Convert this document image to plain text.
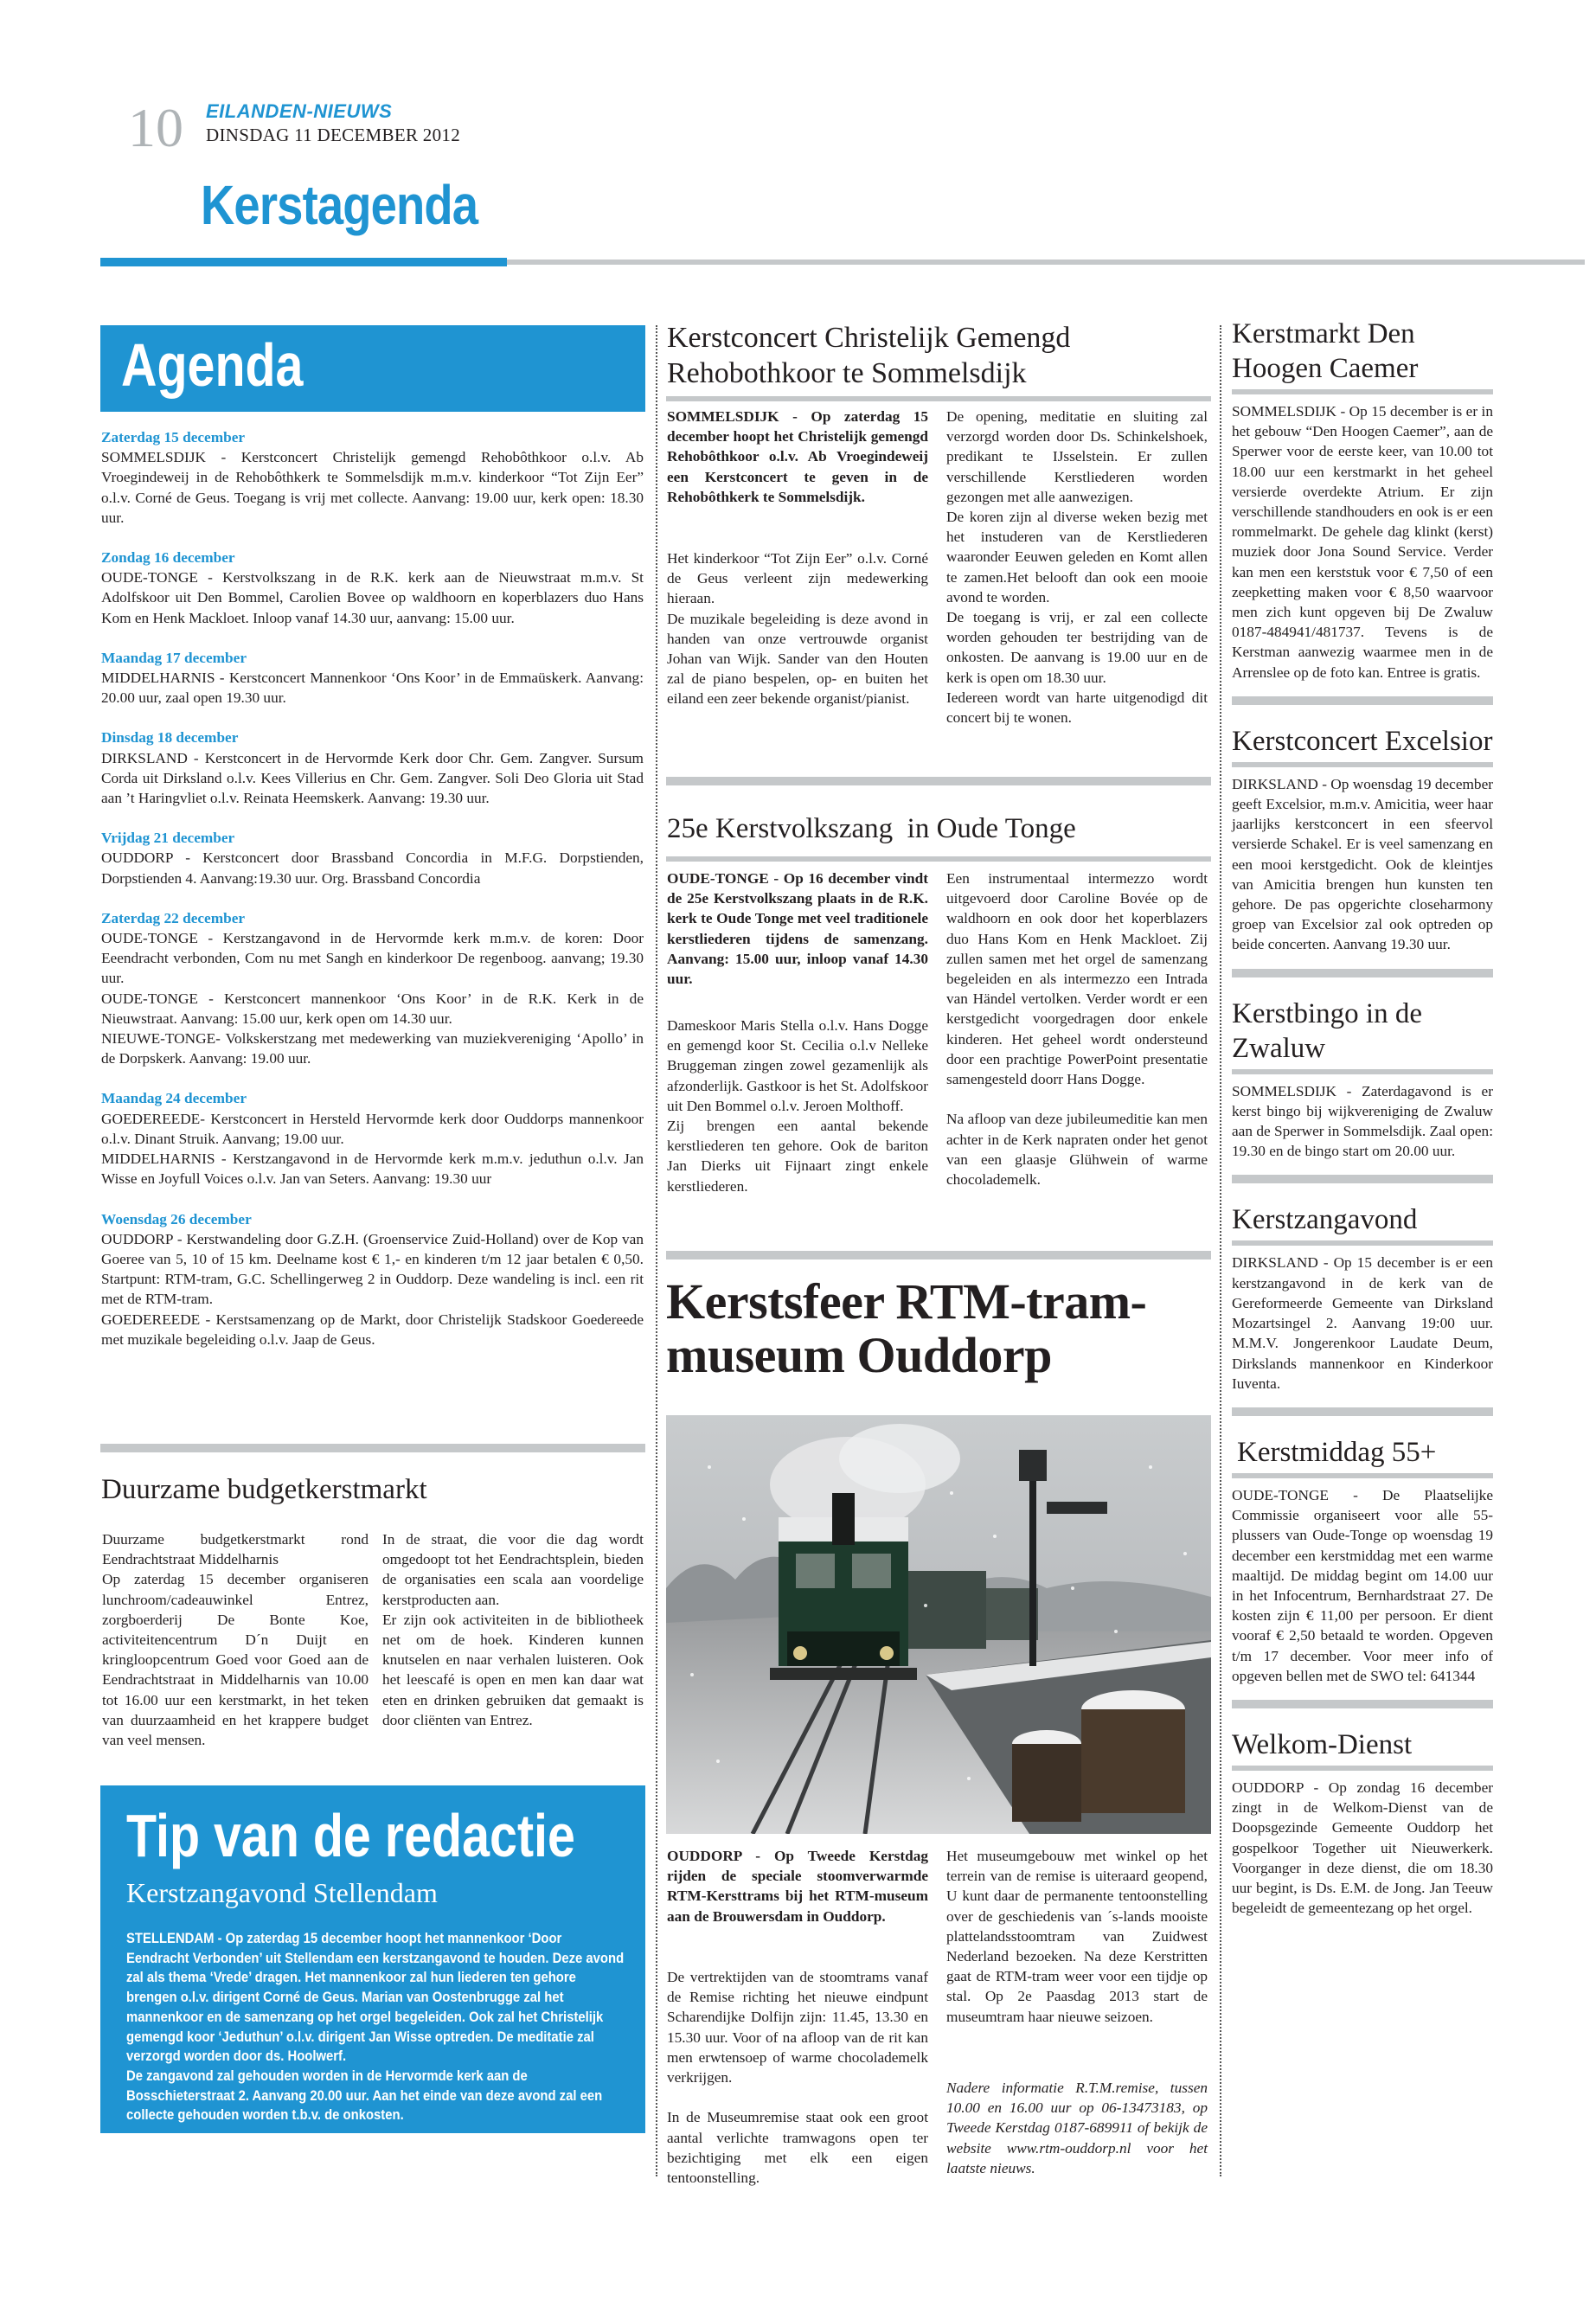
10 EILANDEN-NIEUWS
DINSDAG 11 DECEMBER 2012
Kerstagenda
Agenda
Zaterdag 15 december
SOMMELSDIJK - Kerstconcert Christelijk gemengd Rehobôthkoor o.l.v. Ab Vroegindeweij in de Rehobôthkerk te Sommelsdijk m.m.v. kinderkoor “Tot Zijn Eer” o.l.v. Corné de Geus. Toegang is vrij met collecte. Aanvang: 19.00 uur, kerk open: 18.30 uur.
Zondag 16 december
OUDE-TONGE - Kerstvolkszang in de R.K. kerk aan de Nieuwstraat m.m.v. St Adolfskoor uit Den Bommel, Carolien Bovee op waldhoorn en koperblazers duo Hans Kom en Henk Mackloet. Inloop vanaf 14.30 uur, aanvang: 15.00 uur.
Maandag 17 december
MIDDELHARNIS - Kerstconcert Mannenkoor ‘Ons Koor’ in de Emmaüskerk. Aanvang: 20.00 uur, zaal open 19.30 uur.
Dinsdag 18 december
DIRKSLAND - Kerstconcert in de Hervormde Kerk door Chr. Gem. Zangver. Sursum Corda uit Dirksland o.l.v. Kees Villerius en Chr. Gem. Zangver. Soli Deo Gloria uit Stad aan ’t Haringvliet o.l.v. Reinata Heemskerk. Aanvang: 19.30 uur.
Vrijdag 21 december
OUDDORP - Kerstconcert door Brassband Concordia in M.F.G. Dorpstienden, Dorpstienden 4. Aanvang:19.30 uur. Org. Brassband Concordia
Zaterdag 22 december
OUDE-TONGE - Kerstzangavond in de Hervormde kerk m.m.v. de koren: Door Eeendracht verbonden, Com nu met Sangh en kinderkoor De regenboog. aanvang; 19.30 uur.
OUDE-TONGE - Kerstconcert mannenkoor ‘Ons Koor’ in de R.K. Kerk in de Nieuwstraat. Aanvang: 15.00 uur, kerk open om 14.30 uur.
NIEUWE-TONGE- Volkskerstzang met medewerking van muziekvereniging ‘Apollo’ in de Dorpskerk. Aanvang: 19.00 uur.
Maandag 24 december
GOEDEREEDE- Kerstconcert in Hersteld Hervormde kerk door Ouddorps mannenkoor o.l.v. Dinant Struik. Aanvang; 19.00 uur.
MIDDELHARNIS - Kerstzangavond in de Hervormde kerk m.m.v. jeduthun o.l.v. Jan Wisse en Joyfull Voices o.l.v. Jan van Seters. Aanvang: 19.30 uur
Woensdag 26 december
OUDDORP - Kerstwandeling door G.Z.H. (Groenservice Zuid-Holland) over de Kop van Goeree van 5, 10 of 15 km. Deelname kost € 1,- en kinderen t/m 12 jaar betalen € 0,50. Startpunt: RTM-tram, G.C. Schellingerweg 2 in Ouddorp. Deze wandeling is incl. een rit met de RTM-tram.
GOEDEREEDE - Kerstsamenzang op de Markt, door Christelijk Stadskoor Goedereede met muzikale begeleiding o.l.v. Jaap de Geus.
Duurzame budgetkerstmarkt
Duurzame budgetkerstmarkt rond Eendrachtstraat Middelharnis
Op zaterdag 15 december organiseren lunchroom/cadeauwinkel Entrez, zorgboerderij De Bonte Koe, activiteitencentrum D´n Duijt en kringloopcentrum Goed voor Goed aan de Eendrachtstraat in Middelharnis van 10.00 tot 16.00 uur een kerstmarkt, in het teken van duurzaamheid en het krappere budget van veel mensen.
In de straat, die voor die dag wordt omgedoopt tot het Eendrachtsplein, bieden de organisaties een scala aan voordelige kerstproducten aan.
Er zijn ook activiteiten in de bibliotheek net om de hoek. Kinderen kunnen knutselen en naar verhalen luisteren. Ook het leescafé is open en men kan daar wat eten en drinken gebruiken dat gemaakt is door cliënten van Entrez.
Tip van de redactie
Kerstzangavond Stellendam
STELLENDAM - Op zaterdag 15 december hoopt het mannenkoor ‘Door Eendracht Verbonden’ uit Stellendam een kerstzangavond te houden. Deze avond zal als thema ‘Vrede’ dragen. Het mannenkoor zal hun liederen ten gehore brengen o.l.v. dirigent Corné de Geus. Marian van Oostenbrugge zal het mannenkoor en de samenzang op het orgel begeleiden. Ook zal het Christelijk gemengd koor ‘Jeduthun’ o.l.v. dirigent Jan Wisse optreden. De meditatie zal verzorgd worden door ds. Hoolwerf.
De zangavond zal gehouden worden in de Hervormde kerk aan de Bosschieterstraat 2. Aanvang 20.00 uur. Aan het einde van deze avond zal een collecte gehouden worden t.b.v. de onkosten.
Kerstconcert Christelijk Gemengd Rehobothkoor te Sommelsdijk
SOMMELSDIJK - Op zaterdag 15 december hoopt het Christelijk gemengd Rehobôthkoor o.l.v. Ab Vroegindeweij een Kerstconcert te geven in de Rehobôthkerk te Sommelsdijk.
Het kinderkoor “Tot Zijn Eer” o.l.v. Corné de Geus verleent zijn medewerking hieraan.
De muzikale begeleiding is deze avond in handen van onze vertrouwde organist Johan van Wijk. Sander van den Houten zal de piano bespelen, op- en buiten het eiland een zeer bekende organist/pianist.
De opening, meditatie en sluiting zal verzorgd worden door Ds. Schinkelshoek, predikant te IJsselstein. Er zullen verschillende Kerstliederen worden gezongen met alle aanwezigen.
De koren zijn al diverse weken bezig met het instuderen van de Kerstliederen waaronder Eeuwen geleden en Komt allen te zamen.Het belooft dan ook een mooie avond te worden.
De toegang is vrij, er zal een collecte worden gehouden ter bestrijding van de onkosten. De aanvang is 19.00 uur en de kerk is open om 18.30 uur.
Iedereen wordt van harte uitgenodigd dit concert bij te wonen.
25e Kerstvolkszang  in Oude Tonge
OUDE-TONGE - Op 16 december vindt de 25e Kerstvolkszang plaats in de R.K. kerk te Oude Tonge met veel traditionele kerstliederen tijdens de samenzang. Aanvang: 15.00 uur, inloop vanaf 14.30 uur.
Dameskoor Maris Stella o.l.v. Hans Dogge en gemengd koor St. Cecilia o.l.v Nelleke Bruggeman zingen zowel gezamenlijk als afzonderlijk. Gastkoor is het St. Adolfskoor uit Den Bommel o.l.v. Jeroen Molthoff.
Zij brengen een aantal bekende kerstliederen ten gehore. Ook de bariton Jan Dierks uit Fijnaart zingt enkele kerstliederen.
Een instrumentaal intermezzo wordt uitgevoerd door Caroline Bovée op de waldhoorn en ook door het koperblazers duo Hans Kom en Henk Mackloet. Zij zullen samen met het orgel de samenzang begeleiden en als intermezzo een Intrada van Händel vertolken. Verder wordt er een kerstgedicht voorgedragen door enkele kinderen. Het geheel wordt ondersteund door een prachtige PowerPoint presentatie samengesteld doorr Hans Dogge.

Na afloop van deze jubileumeditie kan men achter in de Kerk napraten onder het genot van een glaasje Glühwein of warme chocolademelk.
Kerstsfeer RTM-tram-
museum Ouddorp
OUDDORP - Op Tweede Kerstdag rijden de speciale stoomverwarmde RTM-Kersttrams bij het RTM-museum aan de Brouwersdam in Ouddorp.
De vertrektijden van de stoomtrams vanaf de Remise richting het nieuwe eindpunt Scharendijke Dolfijn zijn: 11.45, 13.30 en 15.30 uur. Voor of na afloop van de rit kan men erwtensoep of warme chocolademelk verkrijgen.

In de Museumremise staat ook een groot aantal verlichte tramwagons open ter bezichtiging met elk een eigen tentoonstelling.
Het museumgebouw met winkel op het terrein van de remise is uiteraard geopend, U kunt daar de permanente tentoonstelling over de geschiedenis van ´s-lands mooiste plattelandsstoomtram van Zuidwest Nederland bezoeken. Na deze Kerstritten gaat de RTM-tram weer voor een tijdje op stal. Op 2e Paasdag 2013 start de museumtram haar nieuwe seizoen.
Nadere informatie R.T.M.remise, tussen 10.00 en 16.00 uur op 06-13473183, op Tweede Kerstdag 0187-689911 of bekijk de website www.rtm-ouddorp.nl voor het laatste nieuws.
Kerstmarkt Den Hoogen Caemer
SOMMELSDIJK - Op 15 december is er in het gebouw “Den Hoogen Caemer”, aan de Sperwer voor de eerste keer, van 10.00 tot 18.00 uur een kerstmarkt in het geheel versierde overdekte Atrium. Er zijn verschillende standhouders en ook is er een rommelmarkt. De gehele dag klinkt (kerst) muziek door Jona Sound Service. Verder kan men een kerststuk voor € 7,50 of een zeepketting maken voor € 8,50 waarvoor men zich kunt opgeven bij De Zwaluw 0187-484941/481737. Tevens is de Kerstman aanwezig waarmee men in de Arrenslee op de foto kan. Entree is gratis.
Kerstconcert Excelsior
DIRKSLAND - Op woensdag 19 december geeft Excelsior, m.m.v. Amicitia, weer haar jaarlijks kerstconcert in een sfeervol versierde Schakel. Er is veel samenzang en een mooi kerstgedicht. Ook de kleintjes van Amicitia brengen hun kunsten ten gehore. De pas opgerichte closeharmony groep van Excelsior zal ook optreden op beide concerten. Aanvang 19.30 uur.
Kerstbingo in de Zwaluw
SOMMELSDIJK - Zaterdagavond is er kerst bingo bij wijkvereniging de Zwaluw aan de Sperwer in Sommelsdijk. Zaal open: 19.30 en de bingo start om 20.00 uur.
Kerstzangavond
DIRKSLAND - Op 15 december is er een kerstzangavond in de kerk van de Gereformeerde Gemeente van Dirksland Mozartsingel 2. Aanvang 19:00 uur. M.M.V. Jongerenkoor Laudate Deum, Dirkslands mannenkoor en Kinderkoor Iuventa.
Kerstmiddag 55+
OUDE-TONGE - De Plaatselijke Commissie organiseert voor alle 55-plussers van Oude-Tonge op woensdag 19 december een kerstmiddag met een warme maaltijd. De middag begint om 14.00 uur in het Infocentrum, Bernhardstraat 27. De kosten zijn € 11,00 per persoon. Er dient vooraf € 2,50 betaald te worden. Opgeven t/m 17 december. Voor meer info of opgeven bellen met de SWO tel: 641344
Welkom-Dienst
OUDDORP - Op zondag 16 december zingt in de Welkom-Dienst van de Doopsgezinde Gemeente Ouddorp het gospelkoor Together uit Nieuwerkerk. Voorganger in deze dienst, die om 18.30 uur begint, is Ds. E.M. de Jong. Jan Teeuw begeleidt de gemeentezang op het orgel.
